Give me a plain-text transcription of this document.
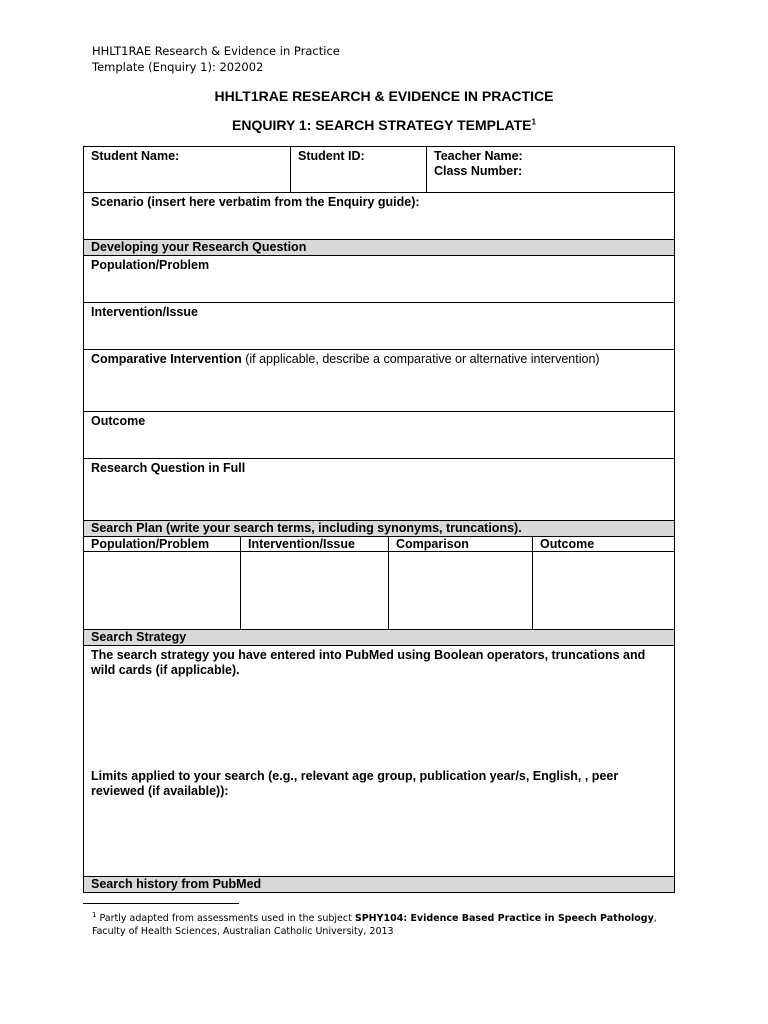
HHLT1RAE Research & Evidence in Practice
Template (Enquiry 1): 202002
HHLT1RAE RESEARCH & EVIDENCE IN PRACTICE
ENQUIRY 1: SEARCH STRATEGY TEMPLATE$^1$
Student Name:	Student ID:	Teacher Name:
Class Number:
Scenario (insert here verbatim from the Enquiry guide):
Developing your Research Question
Population/Problem
Intervention/Issue
Comparative Intervention (if applicable, describe a comparative or alternative intervention)
Outcome
Research Question in Full
Search Plan (write your search terms, including synonyms, truncations).
Population/Problem	Intervention/Issue	Comparison	Outcome
Search Strategy
The search strategy you have entered into PubMed using Boolean operators, truncations and wild cards (if applicable).
Limits applied to your search (e.g., relevant age group, publication year/s, English, , peer reviewed (if available)):
Search history from PubMed
$^1$ Partly adapted from assessments used in the subject SPHY104: Evidence Based Practice in Speech Pathology, Faculty of Health Sciences, Australian Catholic University, 2013
